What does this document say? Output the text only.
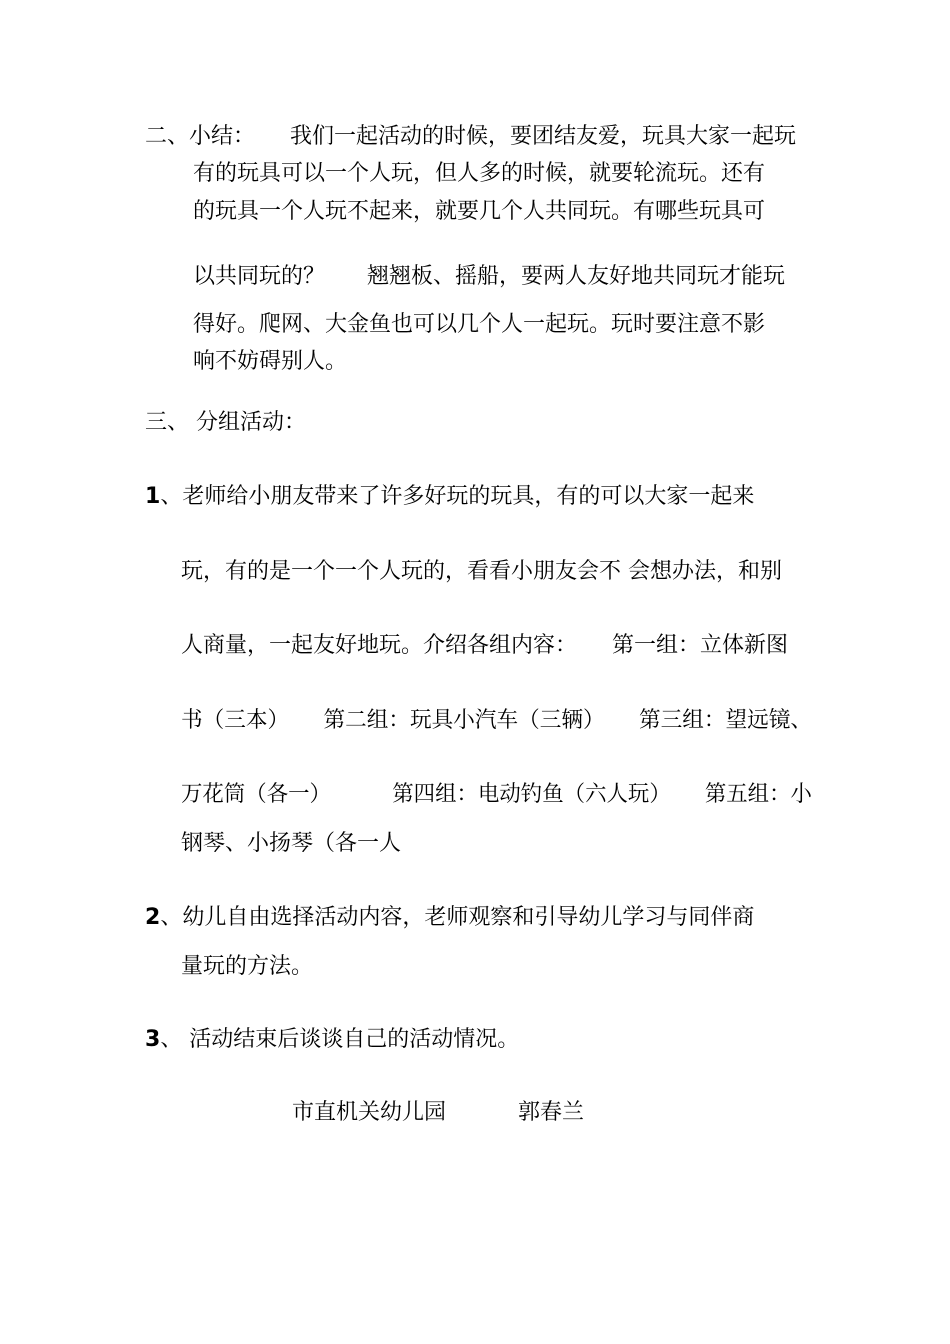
二、小结：     我们一起活动的时候，要团结友爱，玩具大家一起玩
有的玩具可以一个人玩，但人多的时候，就要轮流玩。还有
的玩具一个人玩不起来，就要几个人共同玩。有哪些玩具可
以共同玩的？      翘翘板、摇船，要两人友好地共同玩才能玩
得好。爬网、大金鱼也可以几个人一起玩。玩时要注意不影
响不妨碍别人。
三、 分组活动：
1、老师给小朋友带来了许多好玩的玩具，有的可以大家一起来
玩，有的是一个一个人玩的，看看小朋友会不 会想办法，和别
人商量，一起友好地玩。介绍各组内容：     第一组：立体新图
书（三本）     第二组：玩具小汽车（三辆）     第三组：望远镜、
万花筒（各一）         第四组：电动钓鱼（六人玩）     第五组：小
钢琴、小扬琴（各一人
2、幼儿自由选择活动内容，老师观察和引导幼儿学习与同伴商
量玩的方法。
3、 活动结束后谈谈自己的活动情况。
市直机关幼儿园	郭春兰
